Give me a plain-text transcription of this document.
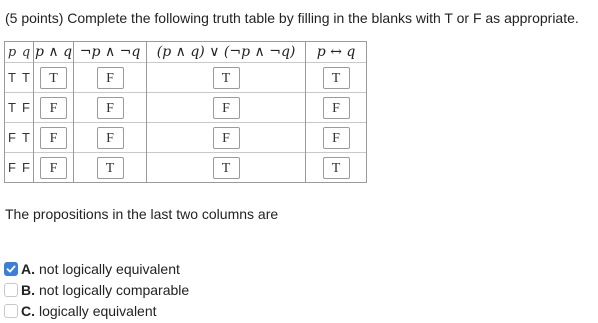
(5 points) Complete the following truth table by filling in the blanks with T or F as appropriate.
p	q	p ∧ q	¬p ∧ ¬q	(p ∧ q) ∨ (¬p ∧ ¬q)	p ↔ q
T	T	T	F	T	T
T	F	F	F	F	F
F	T	F	F	F	F
F	F	F	T	T	T
The propositions in the last two columns are
A. not logically equivalent
B. not logically comparable
C. logically equivalent
